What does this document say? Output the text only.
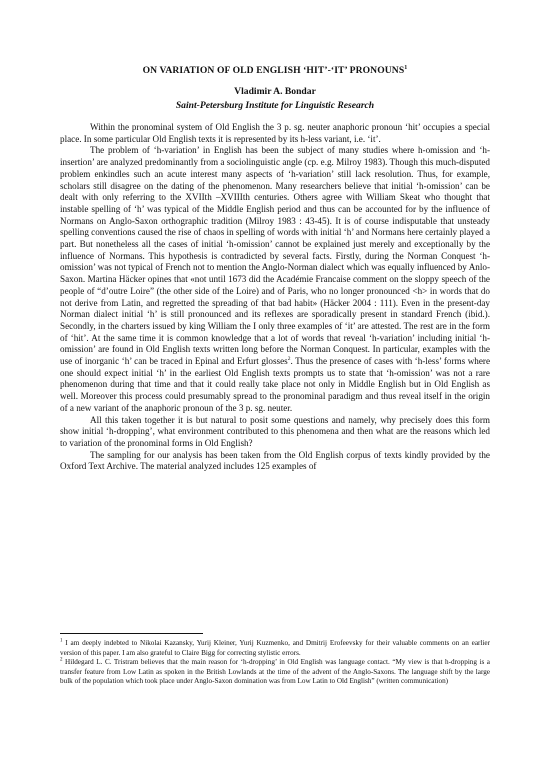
ON VARIATION OF OLD ENGLISH ‘HIT’-‘IT’ PRONOUNS$^1$
Vladimir A. Bondar
Saint-Petersburg Institute for Linguistic Research

Within the pronominal system of Old English the 3 p. sg. neuter anaphoric pronoun ‘hit’ occupies a special place. In some particular Old English texts it is represented by its h-less variant, i.e. ‘it’.

The problem of ‘h-variation’ in English has been the subject of many studies where h-omission and ‘h-insertion’ are analyzed predominantly from a sociolinguistic angle (cp. e.g. Milroy 1983). Though this much-disputed problem enkindles such an acute interest many aspects of ‘h-variation’ still lack resolution. Thus, for example, scholars still disagree on the dating of the phenomenon. Many researchers believe that initial ‘h-omission’ can be dealt with only referring to the XVIIth –XVIIIth centuries. Others agree with William Skeat who thought that instable spelling of ‘h’ was typical of the Middle English period and thus can be accounted for by the influence of Normans on Anglo-Saxon orthographic tradition (Milroy 1983 : 43-45). It is of course indisputable that unsteady spelling conventions caused the rise of chaos in spelling of words with initial ‘h’ and Normans here certainly played a part. But nonetheless all the cases of initial ‘h-omission’ cannot be explained just merely and exceptionally by the influence of Normans. This hypothesis is contradicted by several facts. Firstly, during the Norman Conquest ‘h-omission’ was not typical of French not to mention the Anglo-Norman dialect which was equally influenced by Anlo-Saxon. Martina Häcker opines that «not until 1673 did the Académie Francaise comment on the sloppy speech of the people of “d’outre Loire” (the other side of the Loire) and of Paris, who no longer pronounced <h> in words that do not derive from Latin, and regretted the spreading of that bad habit» (Häcker 2004 : 111). Even in the present-day Norman dialect initial ‘h’ is still pronounced and its reflexes are sporadically present in standard French (ibid.). Secondly, in the charters issued by king William the I only three examples of ‘it’ are attested. The rest are in the form of ‘hit’. At the same time it is common knowledge that a lot of words that reveal ‘h-variation’ including initial ‘h-omission’ are found in Old English texts written long before the Norman Conquest. In particular, examples with the use of inorganic ‘h’ can be traced in Epinal and Erfurt glosses$^2$. Thus the presence of cases with ‘h-less’ forms where one should expect initial ‘h’ in the earliest Old English texts prompts us to state that ‘h-omission’ was not a rare phenomenon during that time and that it could really take place not only in Middle English but in Old English as well. Moreover this process could presumably spread to the pronominal paradigm and thus reveal itself in the origin of a new variant of the anaphoric pronoun of the 3 p. sg. neuter.

All this taken together it is but natural to posit some questions and namely, why precisely does this form show initial ‘h-dropping’, what environment contributed to this phenomena and then what are the reasons which led to variation of the pronominal forms in Old English?

The sampling for our analysis has been taken from the Old English corpus of texts kindly provided by the Oxford Text Archive. The material analyzed includes 125 examples of

$^1$ I am deeply indebted to Nikolai Kazansky, Yurij Kleiner, Yurij Kuzmenko, and Dmitrij Erofeevsky for their valuable comments on an earlier version of this paper. I am also grateful to Claire Bigg for correcting stylistic errors.

$^2$ Hildegard L. C. Tristram believes that the main reason for ‘h-dropping’ in Old English was language contact. “My view is that h-dropping is a transfer feature from Low Latin as spoken in the British Lowlands at the time of the advent of the Anglo-Saxons. The language shift by the large bulk of the population which took place under Anglo-Saxon domination was from Low Latin to Old English” (written communication)
